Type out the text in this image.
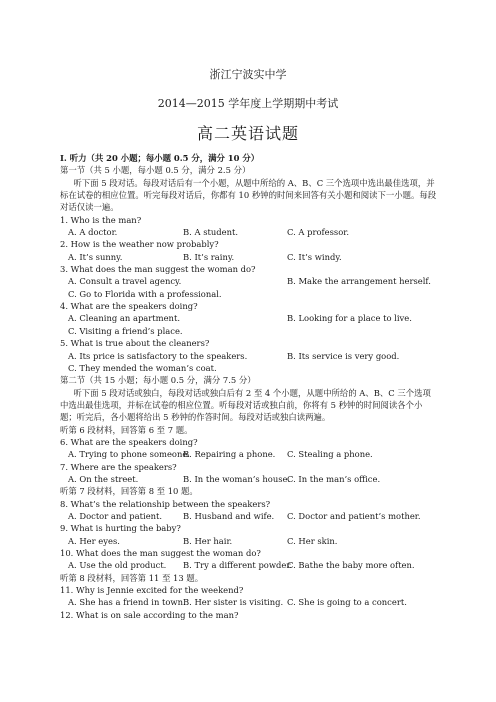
浙江宁波实中学
2014—2015 学年度上学期期中考试
高二英语试题
I. 听力（共 20 小题；每小题 0.5 分，满分 10 分）
第一节（共 5 小题，每小题 0.5 分，满分 2.5 分）
听下面 5 段对话。每段对话后有一个小题，从题中所给的 A、B、C 三个选项中选出最佳选项，并标在试卷的相应位置。听完每段对话后，你都有 10 秒钟的时间来回答有关小题和阅读下一小题。每段对话仅读一遍。
1. Who is the man?
A. A doctor.	B. A student.	C. A professor.
2. How is the weather now probably?
A. It’s sunny.	B. It’s rainy.	C. It’s windy.
3. What does the man suggest the woman do?
A. Consult a travel agency.	B. Make the arrangement herself.
C. Go to Florida with a professional.
4. What are the speakers doing?
A. Cleaning an apartment.	B. Looking for a place to live.
C. Visiting a friend’s place.
5. What is true about the cleaners?
A. Its price is satisfactory to the speakers.	B. Its service is very good.
C. They mended the woman’s coat.
第二节（共 15 小题；每小题 0.5 分，满分 7.5 分）
听下面 5 段对话或独白，每段对话或独白后有 2 至 4 个小题，从题中所给的 A、B、C 三个选项中选出最佳选项，并标在试卷的相应位置。听每段对话或独白前，你将有 5 秒钟的时间阅读各个小题；听完后，各小题将给出 5 秒钟的作答时间。每段对话或独白读两遍。
听第 6 段材料，回答第 6 至 7 题。
6. What are the speakers doing?
A. Trying to phone someone.
B. Repairing a phone.	C. Stealing a phone.
7. Where are the speakers?
A. On the street.	B. In the woman’s house.
C. In the man’s office.
听第 7 段材料，回答第 8 至 10 题。
8. What’s the relationship between the speakers?
A. Doctor and patient.	B. Husband and wife.	C. Doctor and patient’s mother.
9. What is hurting the baby?
A. Her eyes.	B. Her hair.	C. Her skin.
10. What does the man suggest the woman do?
A. Use the old product.	B. Try a different powder.
C. Bathe the baby more often.
听第 8 段材料，回答第 11 至 13 题。
11. Why is Jennie excited for the weekend?
A. She has a friend in town.
B. Her sister is visiting. C. She is going to a concert.
12. What is on sale according to the man?
